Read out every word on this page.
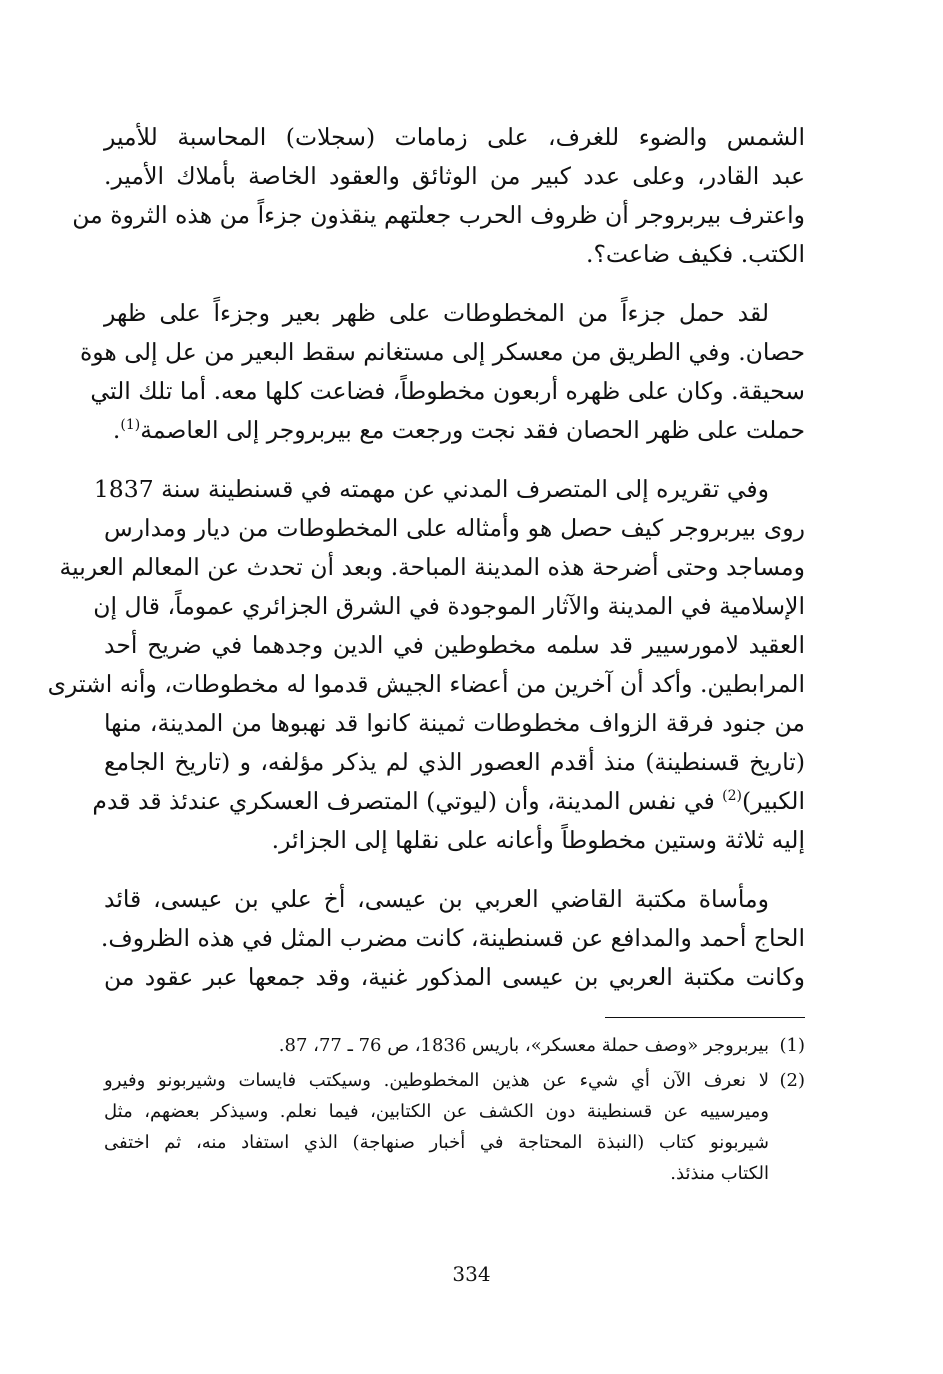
الشمس والضوء للغرف، على زمامات (سجلات) المحاسبة للأمير
عبد القادر، وعلى عدد كبير من الوثائق والعقود الخاصة بأملاك الأمير.
واعترف بيربروجر أن ظروف الحرب جعلتهم ينقذون جزءاً من هذه الثروة من
الكتب. فكيف ضاعت؟.

لقد حمل جزءاً من المخطوطات على ظهر بعير وجزءاً على ظهر
حصان. وفي الطريق من معسكر إلى مستغانم سقط البعير من عل إلى هوة
سحيقة. وكان على ظهره أربعون مخطوطاً، فضاعت كلها معه. أما تلك التي
حملت على ظهر الحصان فقد نجت ورجعت مع بيربروجر إلى العاصمة$^{(1)}$.

وفي تقريره إلى المتصرف المدني عن مهمته في قسنطينة سنة 1837
روى بيربروجر كيف حصل هو وأمثاله على المخطوطات من ديار ومدارس
ومساجد وحتى أضرحة هذه المدينة المباحة. وبعد أن تحدث عن المعالم العربية
الإسلامية في المدينة والآثار الموجودة في الشرق الجزائري عموماً، قال إن
العقيد لامورسيير قد سلمه مخطوطين في الدين وجدهما في ضريح أحد
المرابطين. وأكد أن آخرين من أعضاء الجيش قدموا له مخطوطات، وأنه اشترى
من جنود فرقة الزواف مخطوطات ثمينة كانوا قد نهبوها من المدينة، منها
(تاريخ قسنطينة) منذ أقدم العصور الذي لم يذكر مؤلفه، و (تاريخ الجامع
الكبير)$^{(2)}$ في نفس المدينة، وأن (ليوتي) المتصرف العسكري عندئذ قد قدم
إليه ثلاثة وستين مخطوطاً وأعانه على نقلها إلى الجزائر.

ومأساة مكتبة القاضي العربي بن عيسى، أخ علي بن عيسى، قائد
الحاج أحمد والمدافع عن قسنطينة، كانت مضرب المثل في هذه الظروف.
وكانت مكتبة العربي بن عيسى المذكور غنية، وقد جمعها عبر عقود من

(1)
بيربروجر «وصف حملة معسكر»، باريس 1836، ص 76 ـ 77، 87.
(2)
لا نعرف الآن أي شيء عن هذين المخطوطين. وسيكتب فايسات وشيربونو وفيرو
وميرسييه عن قسنطينة دون الكشف عن الكتابين، فيما نعلم. وسيذكر بعضهم، مثل
شيربونو كتاب (النبذة المحتاجة في أخبار صنهاجة) الذي استفاد منه، ثم اختفى
الكتاب منذئذ.
334
